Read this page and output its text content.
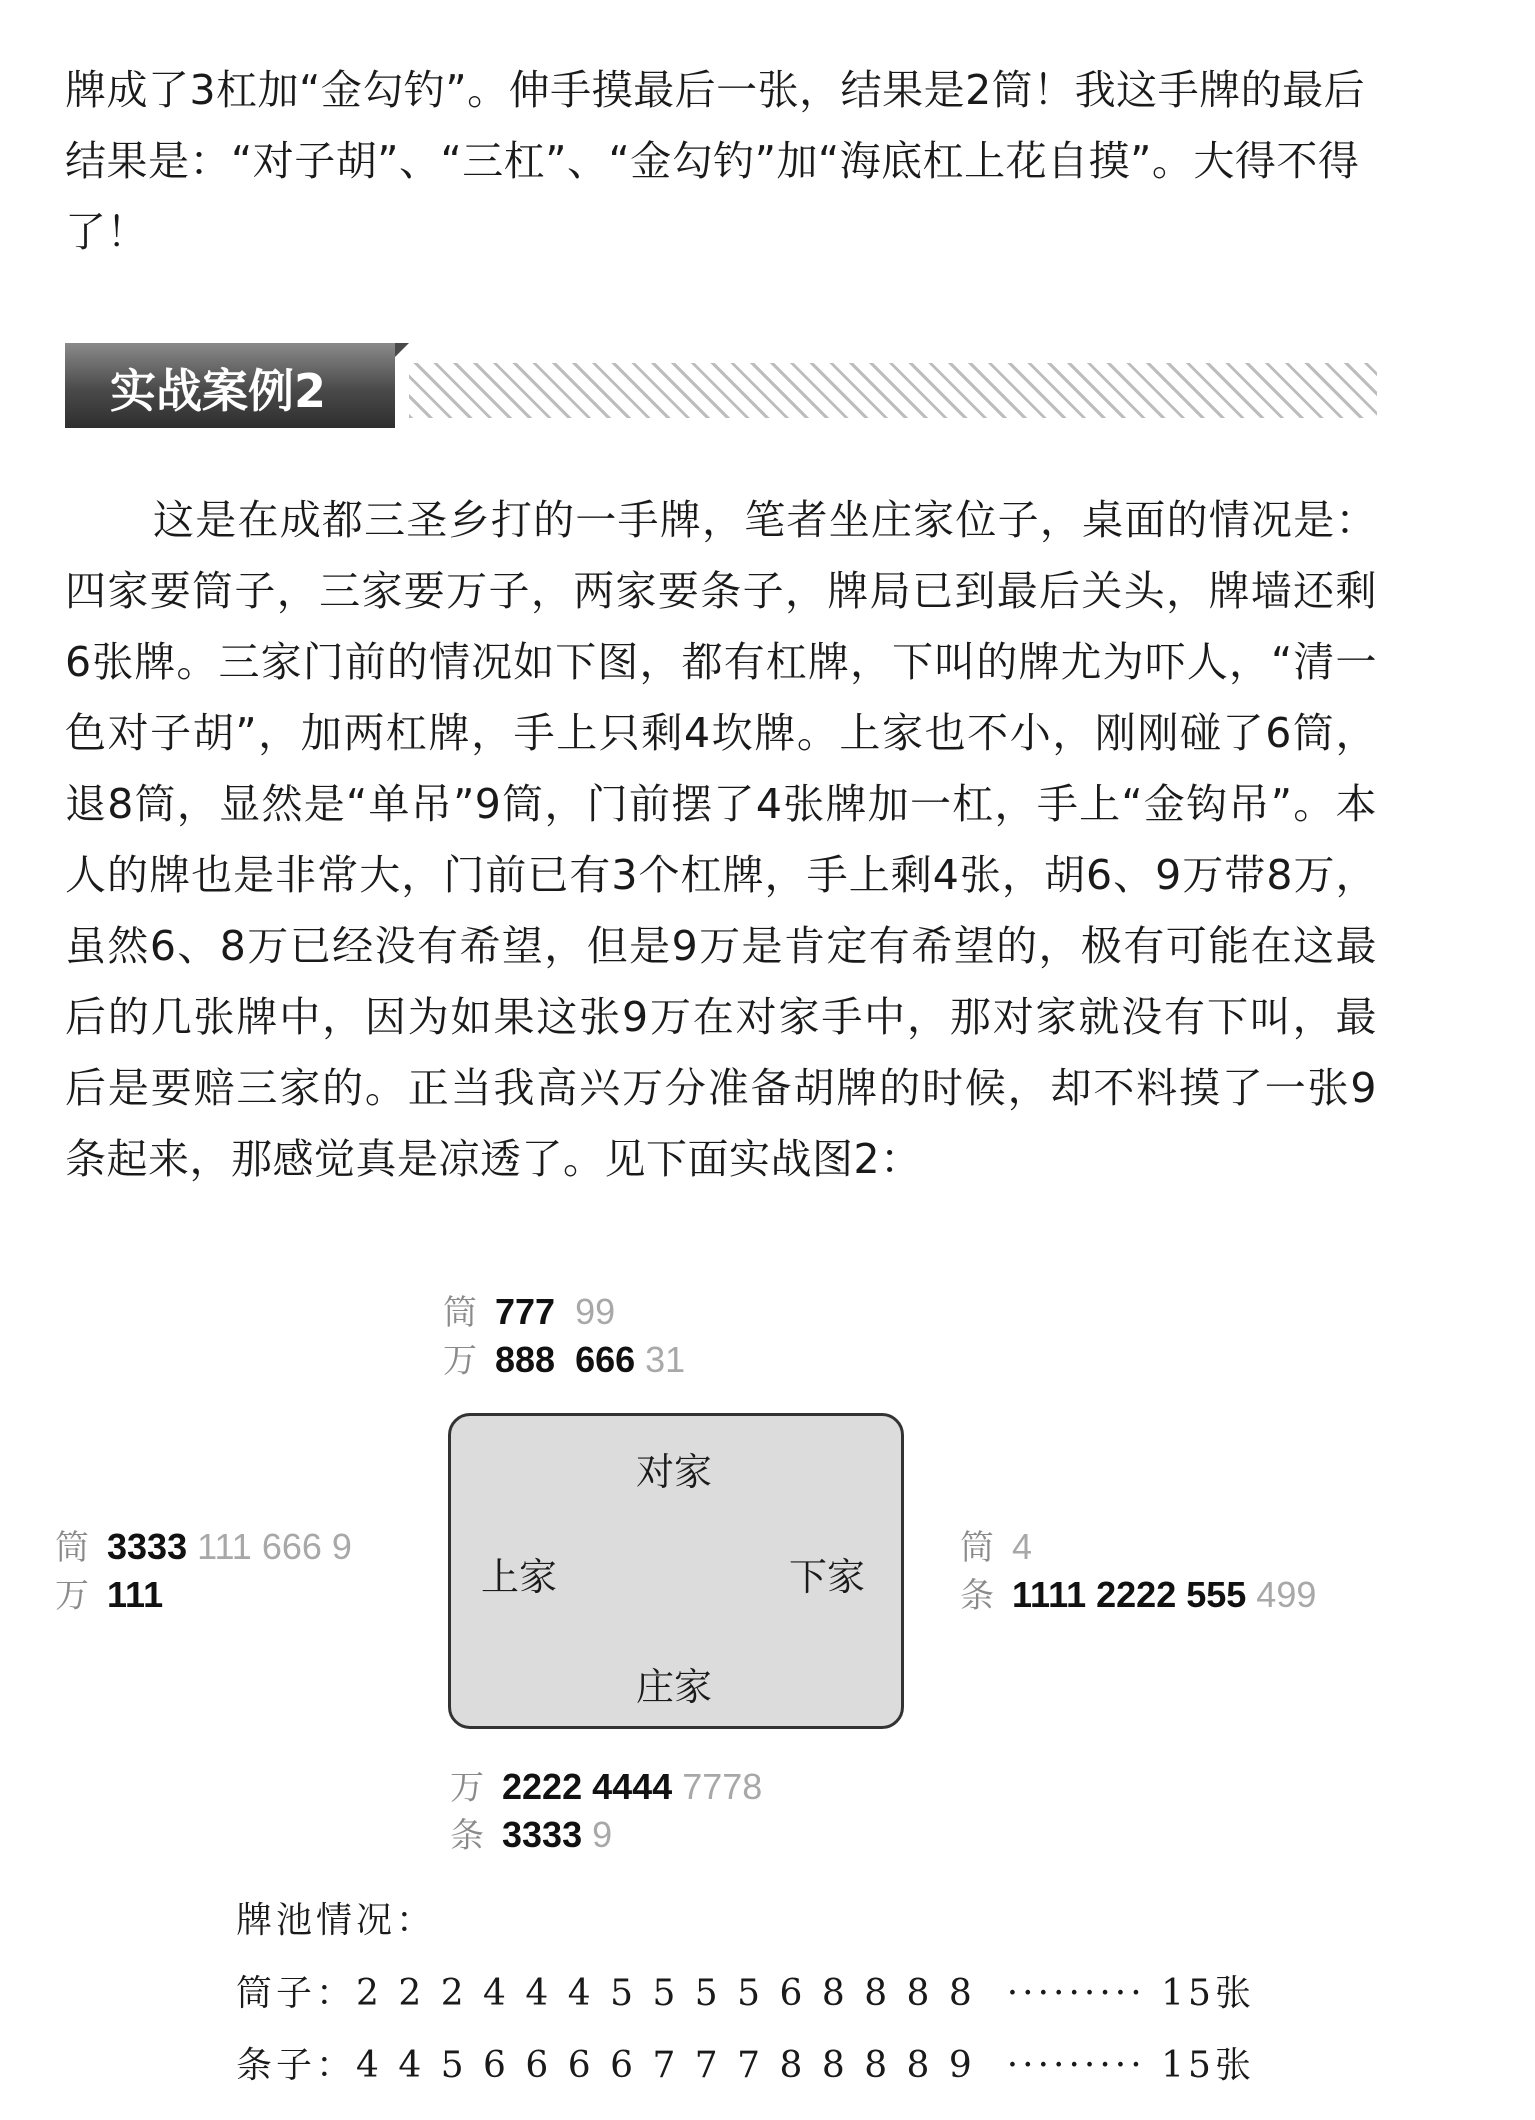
牌成了3杠加“金勾钓”。伸手摸最后一张，结果是2筒！我这手牌的最后结果是：“对子胡”、“三杠”、“金勾钓”加“海底杠上花自摸”。大得不得了！

实战案例2

这是在成都三圣乡打的一手牌，笔者坐庄家位子，桌面的情况是：四家要筒子，三家要万子，两家要条子，牌局已到最后关头，牌墙还剩6张牌。三家门前的情况如下图，都有杠牌，下叫的牌尤为吓人，“清一色对子胡”，加两杠牌，手上只剩4坎牌。上家也不小，刚刚碰了6筒，退8筒，显然是“单吊”9筒，门前摆了4张牌加一杠，手上“金钩吊”。本人的牌也是非常大，门前已有3个杠牌，手上剩4张，胡6、9万带8万，虽然6、8万已经没有希望，但是9万是肯定有希望的，极有可能在这最后的几张牌中，因为如果这张9万在对家手中，那对家就没有下叫，最后是要赔三家的。正当我高兴万分准备胡牌的时候，却不料摸了一张9条起来，那感觉真是凉透了。见下面实战图2：

筒 777 99
万 888  666 31
筒 3333 111 666 9
万 111
筒 4
条 1111 2222 555 499
对家
上家	下家
庄家
万 2222 4444 7778
条 3333 9
牌池情况：
筒子：2 2 2 4 4 4 5 5 5 5 6 8 8 8 8 ········· 15张
条子：4 4 5 6 6 6 6 7 7 7 8 8 8 8 9 ········· 15张
